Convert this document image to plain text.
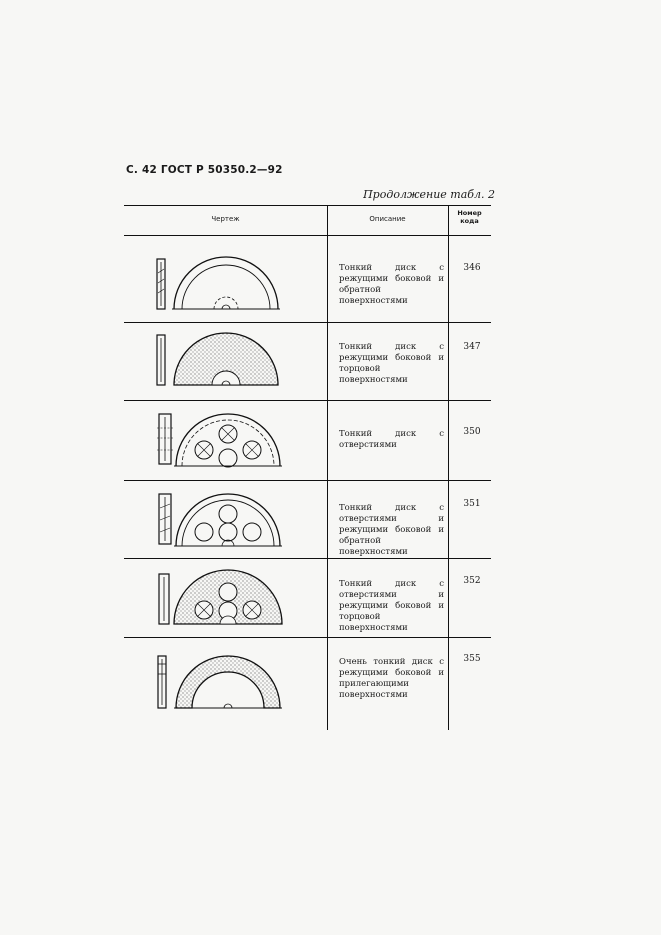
С. 42 ГОСТ Р 50350.2—92
Продолжение табл. 2
Чертеж	Описание
Номер
кода
Тонкий диск с режущими боковой и обратной поверхностями
346
Тонкий диск с режущими боковой и торцовой поверхностями
347
Тонкий диск с отверстиями
350
Тонкий диск с отверстиями и режущими боковой и обратной поверхностями
351
Тонкий диск с отверстиями и режущими боковой и торцовой поверхностями
352
Очень тонкий диск с режущими боковой и прилегающими поверхностями
355
